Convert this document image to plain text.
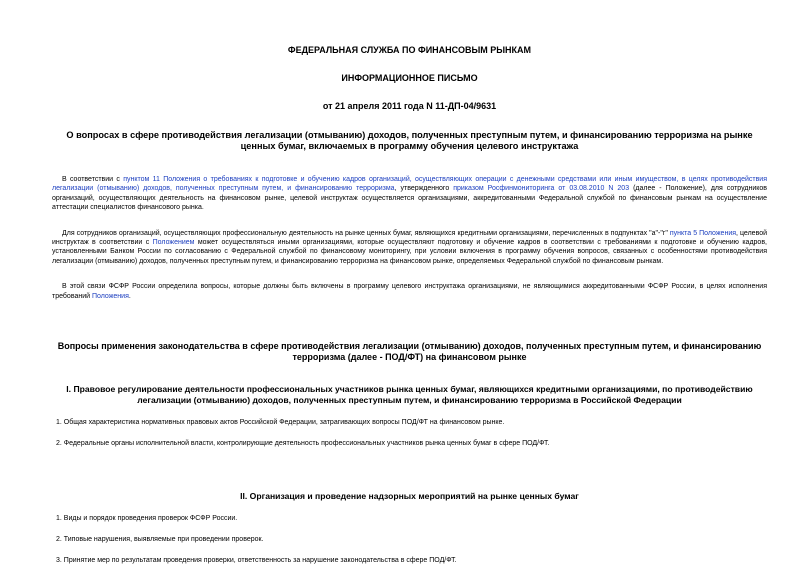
ФЕДЕРАЛЬНАЯ СЛУЖБА ПО ФИНАНСОВЫМ РЫНКАМ
ИНФОРМАЦИОННОЕ ПИСЬМО
от 21 апреля 2011 года N 11-ДП-04/9631
О вопросах в сфере противодействия легализации (отмыванию) доходов, полученных преступным путем, и финансированию терроризма на рынке ценных бумаг, включаемых в программу обучения целевого инструктажа

В соответствии с пунктом 11 Положения о требованиях к подготовке и обучению кадров организаций, осуществляющих операции с денежными средствами или иным имуществом, в целях противодействия легализации (отмыванию) доходов, полученных преступным путем, и финансированию терроризма, утвержденного приказом Росфинмониторинга от 03.08.2010 N 203 (далее - Положение), для сотрудников организаций, осуществляющих деятельность на финансовом рынке, целевой инструктаж осуществляется организациями, аккредитованными Федеральной службой по финансовым рынкам на осуществление аттестации специалистов финансового рынка.

Для сотрудников организаций, осуществляющих профессиональную деятельность на рынке ценных бумаг, являющихся кредитными организациями, перечисленных в подпунктах "а"-"г" пункта 5 Положения, целевой инструктаж в соответствии с Положением может осуществляться иными организациями, которые осуществляют подготовку и обучение кадров в соответствии с требованиями к подготовке и обучению кадров, установленными Банком России по согласованию с Федеральной службой по финансовому мониторингу, при условии включения в программу обучения вопросов, связанных с особенностями противодействия легализации (отмыванию) доходов, полученных преступным путем, и финансированию терроризма на финансовом рынке, определяемых Федеральной службой по финансовым рынкам.

В этой связи ФСФР России определила вопросы, которые должны быть включены в программу целевого инструктажа организациями, не являющимися аккредитованными ФСФР России, в целях исполнения требований Положения.

Вопросы применения законодательства в сфере противодействия легализации (отмыванию) доходов, полученных преступным путем, и финансированию терроризма (далее - ПОД/ФТ) на финансовом рынке
I. Правовое регулирование деятельности профессиональных участников рынка ценных бумаг, являющихся кредитными организациями, по противодействию легализации (отмыванию) доходов, полученных преступным путем, и финансированию терроризма в Российской Федерации
1. Общая характеристика нормативных правовых актов Российской Федерации, затрагивающих вопросы ПОД/ФТ на финансовом рынке.
2. Федеральные органы исполнительной власти, контролирующие деятельность профессиональных участников рынка ценных бумаг в сфере ПОД/ФТ.
II. Организация и проведение надзорных мероприятий на рынке ценных бумаг
1. Виды и порядок проведения проверок ФСФР России.
2. Типовые нарушения, выявляемые при проведении проверок.
3. Принятие мер по результатам проведения проверки, ответственность за нарушение законодательства в сфере ПОД/ФТ.
